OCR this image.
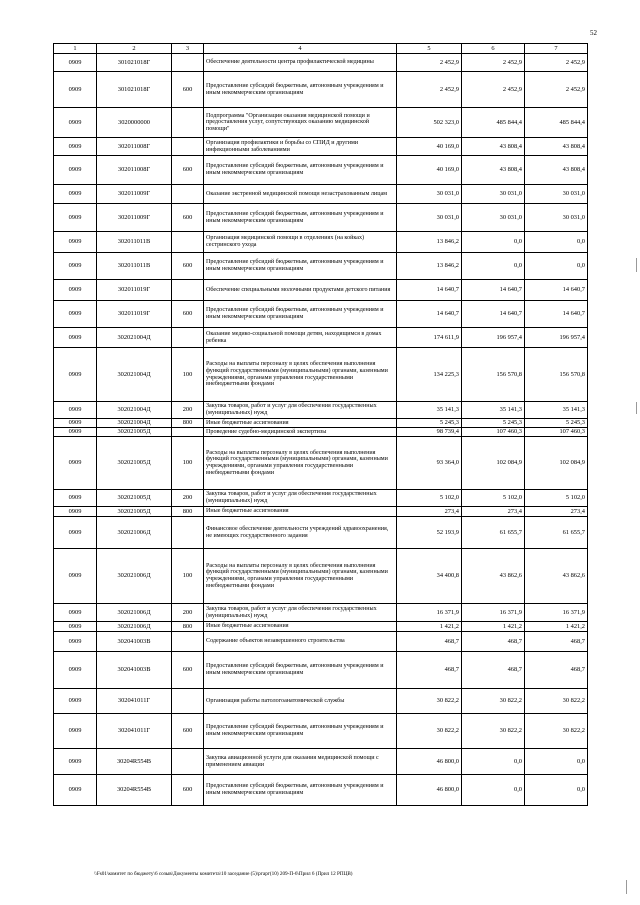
52
1	2	3	4	5	6	7
0909	301021018Г		Обеспечение деятельности центра профилактической медицины	2 452,9	2 452,9	2 452,9
0909	301021018Г	600	Предоставление субсидий бюджетным, автономным учреждениям и иным некоммерческим организациям	2 452,9	2 452,9	2 452,9
0909	3020000000		Подпрограмма "Организация оказания медицинской помощи и предоставления услуг, сопутствующих оказанию медицинской помощи"	502 323,0	485 844,4	485 844,4
0909	302011008Г		Организация профилактики и борьбы со СПИД и другими инфекционными заболеваниями	40 169,0	43 808,4	43 808,4
0909	302011008Г	600	Предоставление субсидий бюджетным, автономным учреждениям и иным некоммерческим организациям	40 169,0	43 808,4	43 808,4
0909	302011009Г		Оказание экстренной медицинской помощи незастрахованным лицам	30 031,0	30 031,0	30 031,0
0909	302011009Г	600	Предоставление субсидий бюджетным, автономным учреждениям и иным некоммерческим организациям	30 031,0	30 031,0	30 031,0
0909	302011011В		Организация медицинской помощи в отделениях (на койках) сестринского ухода	13 846,2	0,0	0,0
0909	302011011В	600	Предоставление субсидий бюджетным, автономным учреждениям и иным некоммерческим организациям	13 846,2	0,0	0,0
0909	302011019Г		Обеспечение специальными молочными продуктами детского питания	14 640,7	14 640,7	14 640,7
0909	302011019Г	600	Предоставление субсидий бюджетным, автономным учреждениям и иным некоммерческим организациям	14 640,7	14 640,7	14 640,7
0909	302021004Д		Оказание медико-социальной помощи детям, находящимся в домах ребенка	174 611,9	196 957,4	196 957,4
0909	302021004Д	100	Расходы на выплаты персоналу в целях обеспечения выполнения функций государственными (муниципальными) органами, казенными учреждениями, органами управления государственными внебюджетными фондами	134 225,3	156 570,8	156 570,8
0909	302021004Д	200	Закупка товаров, работ и услуг для обеспечения государственных (муниципальных) нужд	35 141,3	35 141,3	35 141,3
0909	302021004Д	800	Иные бюджетные ассигнования	5 245,3	5 245,3	5 245,3
0909	302021005Д		Проведение судебно-медицинской экспертизы	98 739,4	107 460,3	107 460,3
0909	302021005Д	100	Расходы на выплаты персоналу в целях обеспечения выполнения функций государственными (муниципальными) органами, казенными учреждениями, органами управления государственными внебюджетными фондами	93 364,0	102 084,9	102 084,9
0909	302021005Д	200	Закупка товаров, работ и услуг для обеспечения государственных (муниципальных) нужд	5 102,0	5 102,0	5 102,0
0909	302021005Д	800	Иные бюджетные ассигнования	273,4	273,4	273,4
0909	302021006Д		Финансовое обеспечение деятельности учреждений здравоохранения, не имеющих государственного задания	52 193,9	61 655,7	61 655,7
0909	302021006Д	100	Расходы на выплаты персоналу в целях обеспечения выполнения функций государственными (муниципальными) органами, казенными учреждениями, органами управления государственными внебюджетными фондами	34 400,8	43 862,6	43 862,6
0909	302021006Д	200	Закупка товаров, работ и услуг для обеспечения государственных (муниципальных) нужд	16 371,9	16 371,9	16 371,9
0909	302021006Д	800	Иные бюджетные ассигнования	1 421,2	1 421,2	1 421,2
0909	302041003В		Содержание объектов незавершенного строительства	468,7	468,7	468,7
0909	302041003В	600	Предоставление субсидий бюджетным, автономным учреждениям и иным некоммерческим организациям	468,7	468,7	468,7
0909	302041011Г		Организация работы патологоанатомической службы	30 822,2	30 822,2	30 822,2
0909	302041011Г	600	Предоставление субсидий бюджетным, автономным учреждениям и иным некоммерческим организациям	30 822,2	30 822,2	30 822,2
0909	30204R554В		Закупка авиационной услуги для оказания медицинской помощи с применением авиации	46 800,0	0,0	0,0
0909	30204R554В	600	Предоставление субсидий бюджетным, автономным учреждениям и иным некоммерческим организациям	46 800,0	0,0	0,0
\\Fs01\комитет по бюджету\6 созыв\Документы комитета\10 заседание (5)\ргарг(10) 209-П-6\Прил 6 (Прил 12 РПЦВ)
